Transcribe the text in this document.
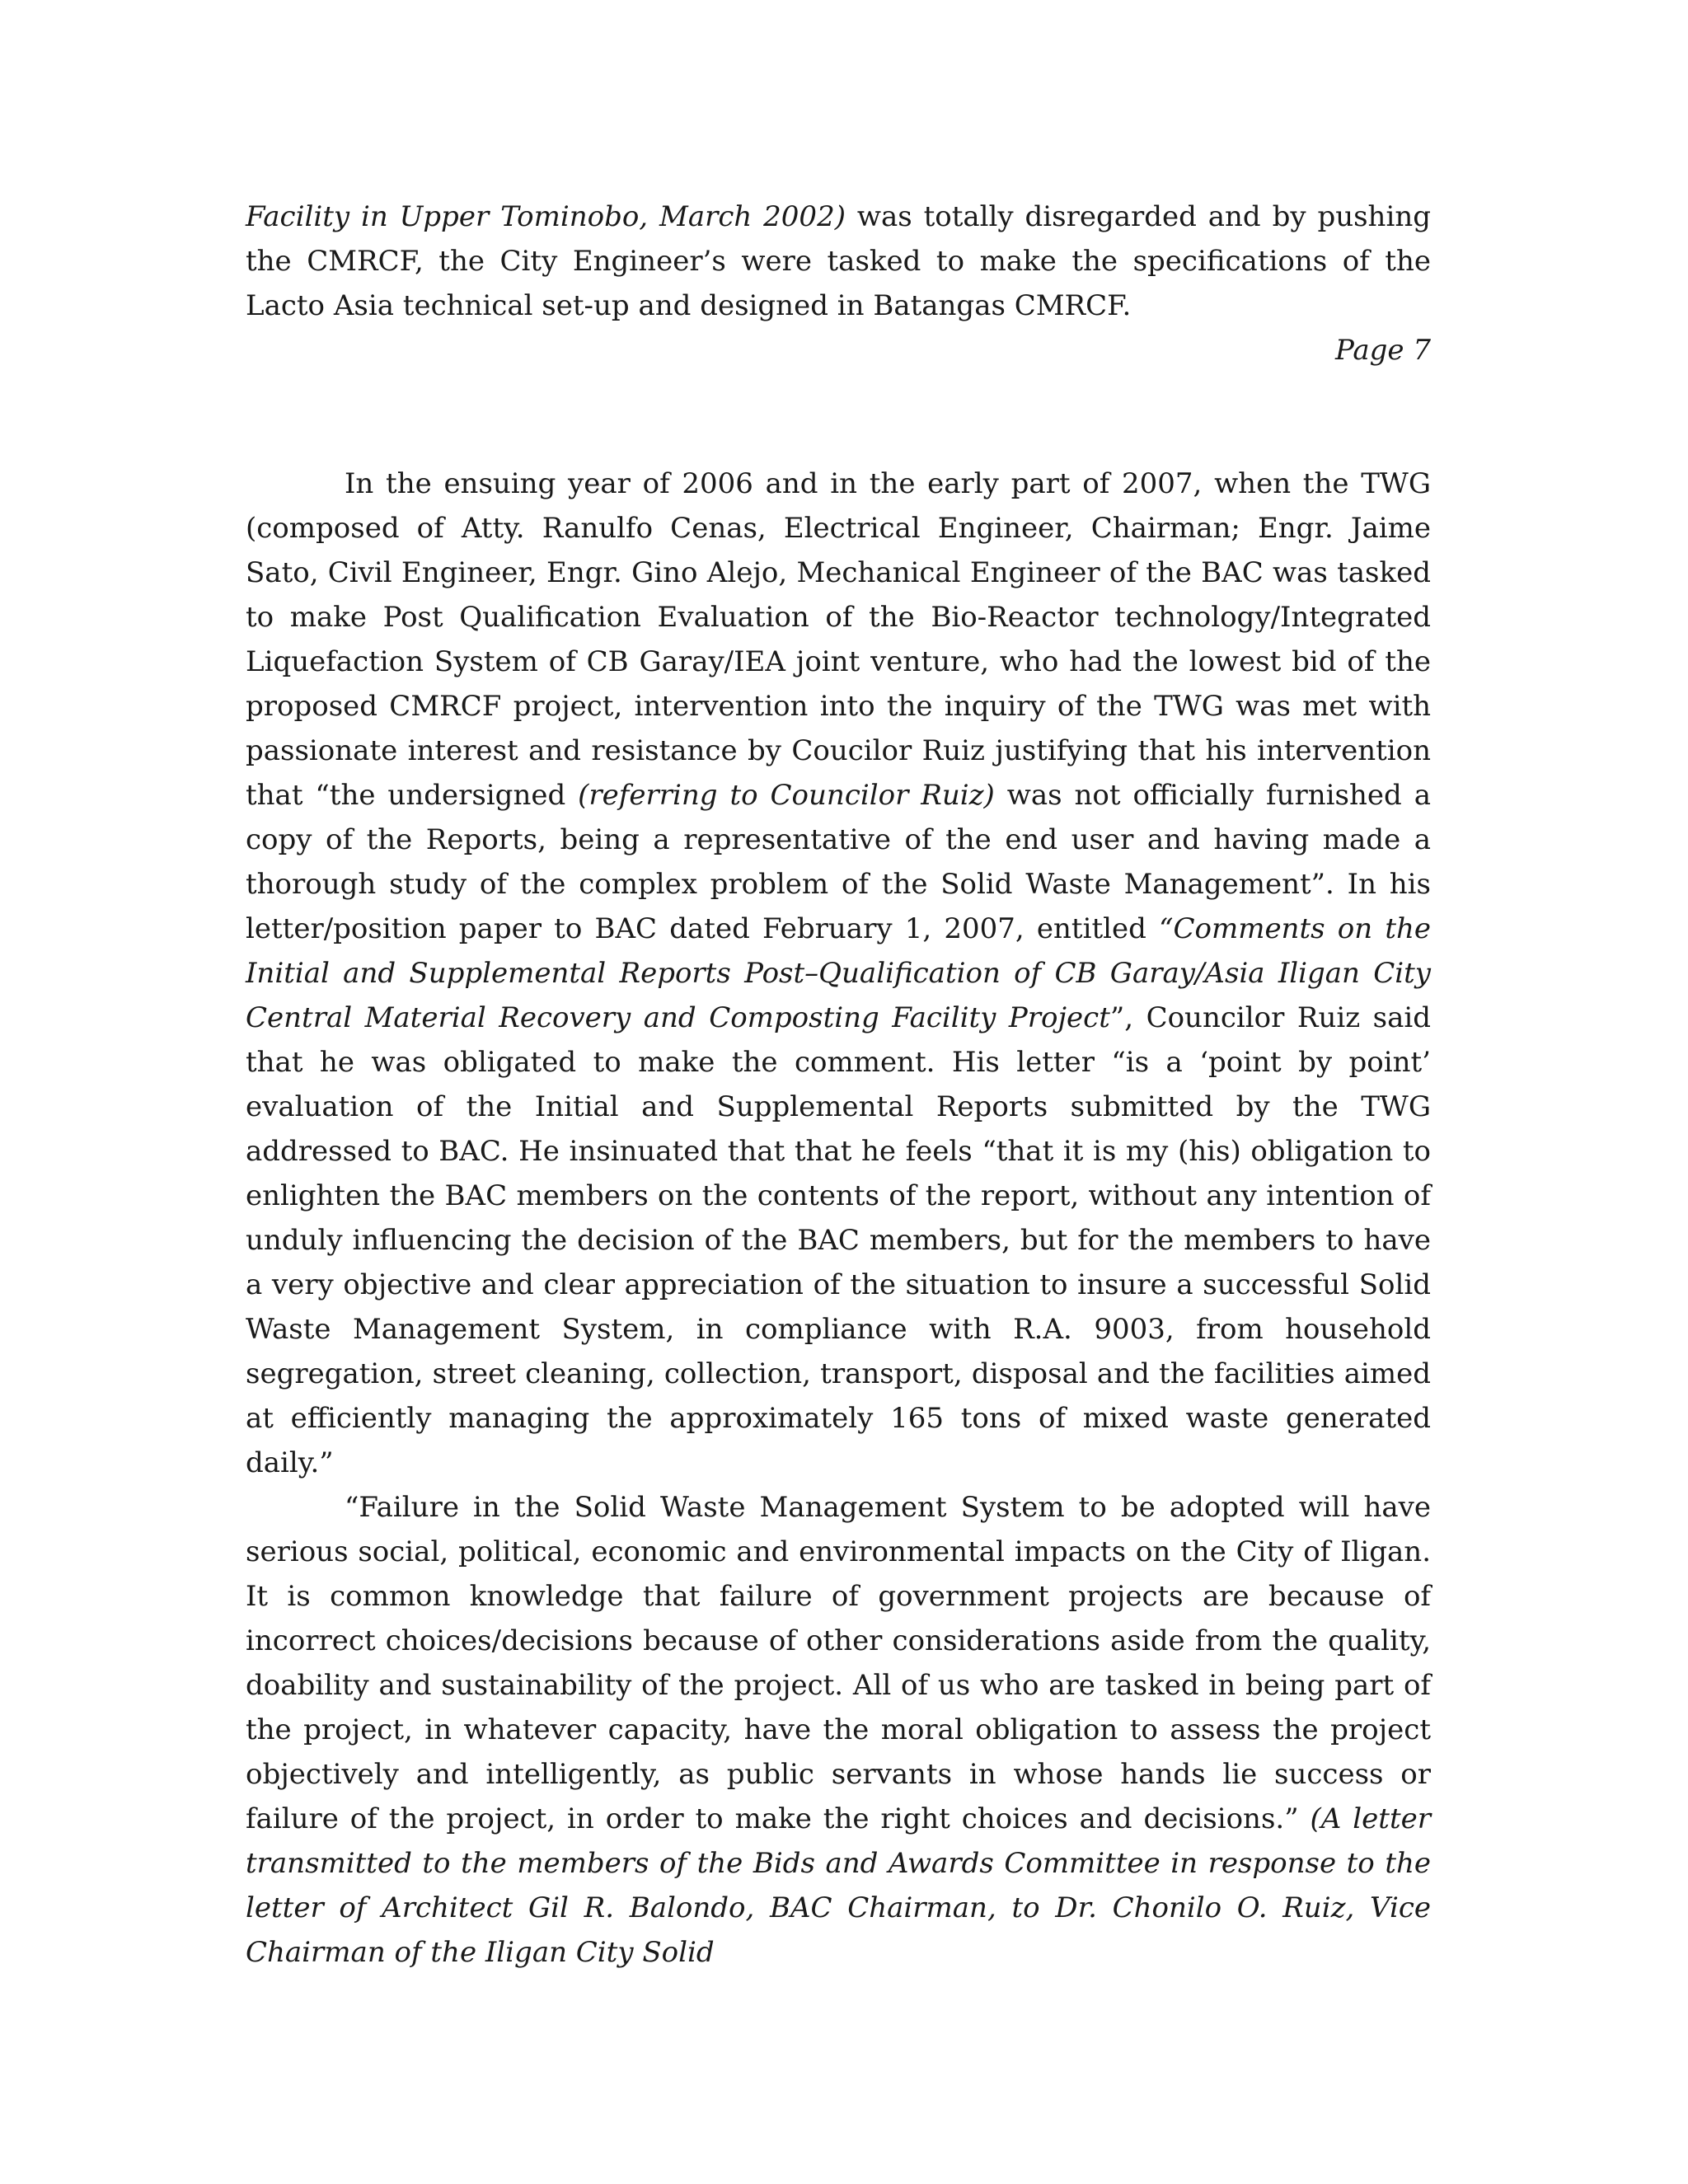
Facility in Upper Tominobo, March 2002) was totally disregarded and by pushing the CMRCF, the City Engineer’s were tasked to make the specifications of the Lacto Asia technical set-up and designed in Batangas CMRCF.

Page 7

In the ensuing year of 2006 and in the early part of 2007, when the TWG (composed of Atty. Ranulfo Cenas, Electrical Engineer, Chairman; Engr. Jaime Sato, Civil Engineer, Engr. Gino Alejo, Mechanical Engineer of the BAC was tasked to make Post Qualification Evaluation of the Bio-Reactor technology/Integrated Liquefaction System of CB Garay/IEA joint venture, who had the lowest bid of the proposed CMRCF project, intervention into the inquiry of the TWG was met with passionate interest and resistance by Coucilor Ruiz justifying that his intervention that “the undersigned (referring to Councilor Ruiz) was not officially furnished a copy of the Reports, being a representative of the end user and having made a thorough study of the complex problem of the Solid Waste Management”. In his letter/position paper to BAC dated February 1, 2007, entitled “Comments on the Initial and Supplemental Reports Post–Qualification of CB Garay/Asia Iligan City Central Material Recovery and Composting Facility Project”, Councilor Ruiz said that he was obligated to make the comment. His letter “is a ‘point by point’ evaluation of the Initial and Supplemental Reports submitted by the TWG addressed to BAC. He insinuated that that he feels “that it is my (his) obligation to enlighten the BAC members on the contents of the report, without any intention of unduly influencing the decision of the BAC members, but for the members to have a very objective and clear appreciation of the situation to insure a successful Solid Waste Management System, in compliance with R.A. 9003, from household segregation, street cleaning, collection, transport, disposal and the facilities aimed at efficiently managing the approximately 165 tons of mixed waste generated daily.”

“Failure in the Solid Waste Management System to be adopted will have serious social, political, economic and environmental impacts on the City of Iligan. It is common knowledge that failure of government projects are because of incorrect choices/decisions because of other considerations aside from the quality, doability and sustainability of the project. All of us who are tasked in being part of the project, in whatever capacity, have the moral obligation to assess the project objectively and intelligently, as public servants in whose hands lie success or failure of the project, in order to make the right choices and decisions.” (A letter transmitted to the members of the Bids and Awards Committee in response to the letter of Architect Gil R. Balondo, BAC Chairman, to Dr. Chonilo O. Ruiz, Vice Chairman of the Iligan City Solid
